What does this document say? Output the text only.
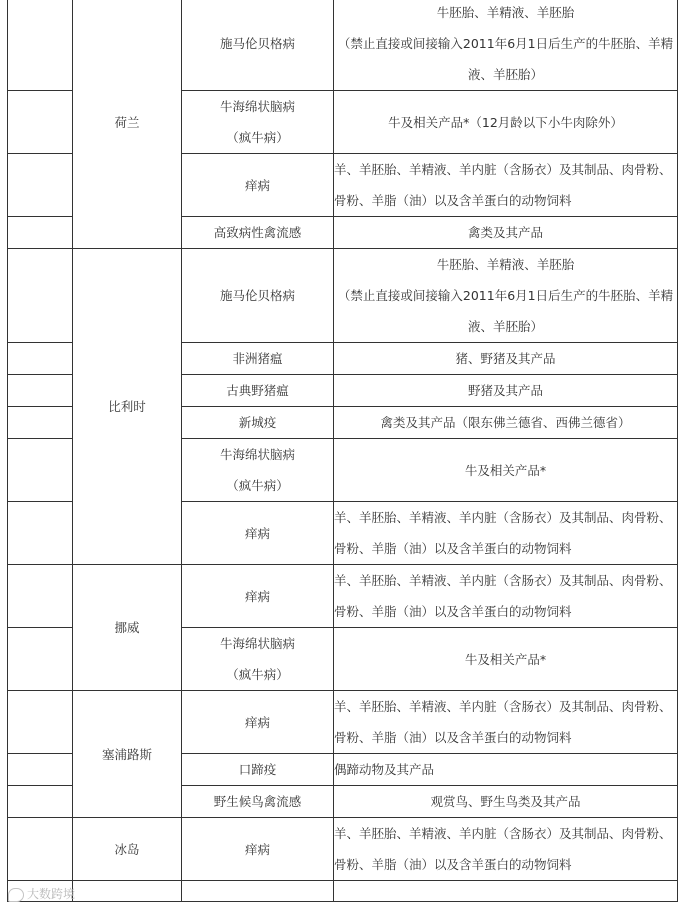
	荷兰	施马伦贝格病	牛胚胎、羊精液、羊胚胎
（禁止直接或间接输入2011年6月1日后生产的牛胚胎、羊精
液、羊胚胎）

		牛海绵状脑病
（疯牛病）	牛及相关产品*（12月龄以下小牛肉除外）

		痒病	羊、羊胚胎、羊精液、羊内脏（含肠衣）及其制品、肉骨粉、
骨粉、羊脂（油）以及含羊蛋白的动物饲料

		高致病性禽流感	禽类及其产品

	比利时	施马伦贝格病	牛胚胎、羊精液、羊胚胎
（禁止直接或间接输入2011年6月1日后生产的牛胚胎、羊精
液、羊胚胎）

		非洲猪瘟	猪、野猪及其产品

		古典野猪瘟	野猪及其产品

		新城疫	禽类及其产品（限东佛兰德省、西佛兰德省）

		牛海绵状脑病
（疯牛病）	牛及相关产品*

		痒病	羊、羊胚胎、羊精液、羊内脏（含肠衣）及其制品、肉骨粉、
骨粉、羊脂（油）以及含羊蛋白的动物饲料

	挪威	痒病	羊、羊胚胎、羊精液、羊内脏（含肠衣）及其制品、肉骨粉、
骨粉、羊脂（油）以及含羊蛋白的动物饲料

		牛海绵状脑病
（疯牛病）	牛及相关产品*

	塞浦路斯	痒病	羊、羊胚胎、羊精液、羊内脏（含肠衣）及其制品、肉骨粉、
骨粉、羊脂（油）以及含羊蛋白的动物饲料

		口蹄疫	偶蹄动物及其产品

		野生候鸟禽流感	观赏鸟、野生鸟类及其产品

	冰岛	痒病	羊、羊胚胎、羊精液、羊内脏（含肠衣）及其制品、肉骨粉、
骨粉、羊脂（油）以及含羊蛋白的动物饲料

大数跨境
